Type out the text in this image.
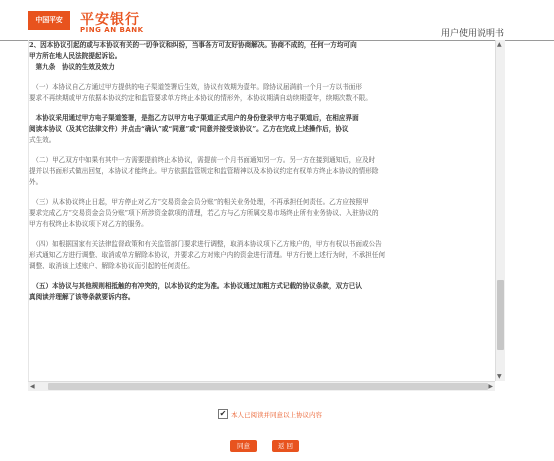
中国平安	平安银行
PING AN BANK	用户使用说明书

2、因本协议引起的或与本协议有关的一切争议和纠纷，当事各方可友好协商解决。协商不成的，任何一方均可向

甲方所在地人民法院提起诉讼。

　第九条　协议的生效及效力

　（一）本协议自乙方通过甲方提供的电子渠道签署后生效，协议有效期为壹年。除协议届满前一个月一方以书面形

要求不再续期或甲方依据本协议约定和监管要求单方终止本协议的情形外，本协议期满自动续期壹年，续期次数不限。

　本协议采用通过甲方电子渠道签署，是指乙方以甲方电子渠道正式用户的身份登录甲方电子渠道后，在相应界面

阅读本协议（及其它法律文件）并点击“确认”或“同意”或“同意并接受该协议”。乙方在完成上述操作后，协议

式生效。

　（二）甲乙双方中如果有其中一方需要提前终止本协议，需提前一个月书面通知另一方。另一方在接到通知后，应及时

提并以书面形式做出回复，本协议才能终止。甲方依据监管规定和监管精神以及本协议约定有权单方终止本协议的情形除

外。

　（三）从本协议终止日起，甲方停止对乙方“交易资金会员分账”的相关业务处理，不再承担任何责任。乙方应按照甲

要求完成乙方“交易资金会员分账”项下所涉资金款项的清理，若乙方与乙方所属交易市场终止所有业务协议、入驻协议的

甲方有权终止本协议项下对乙方的服务。

　（四）如根据国家有关法律监督政策和有关监管部门要求进行调整，取消本协议项下乙方账户的，甲方有权以书面或公告

形式通知乙方进行调整、取消或单方解除本协议，并要求乙方对账户内的资金进行清理。甲方行使上述行为时，不承担任何

调整、取消该上述账户、解除本协议而引起的任何责任。

　（五）本协议与其他规则相抵触的有冲突的，以本协议约定为准。本协议通过加粗方式记载的协议条款，双方已认

真阅读并理解了该等条款要诉内容。

▲
▼
◀	▶
✔ 本人已阅读并同意以上协议内容
同意	返 回
